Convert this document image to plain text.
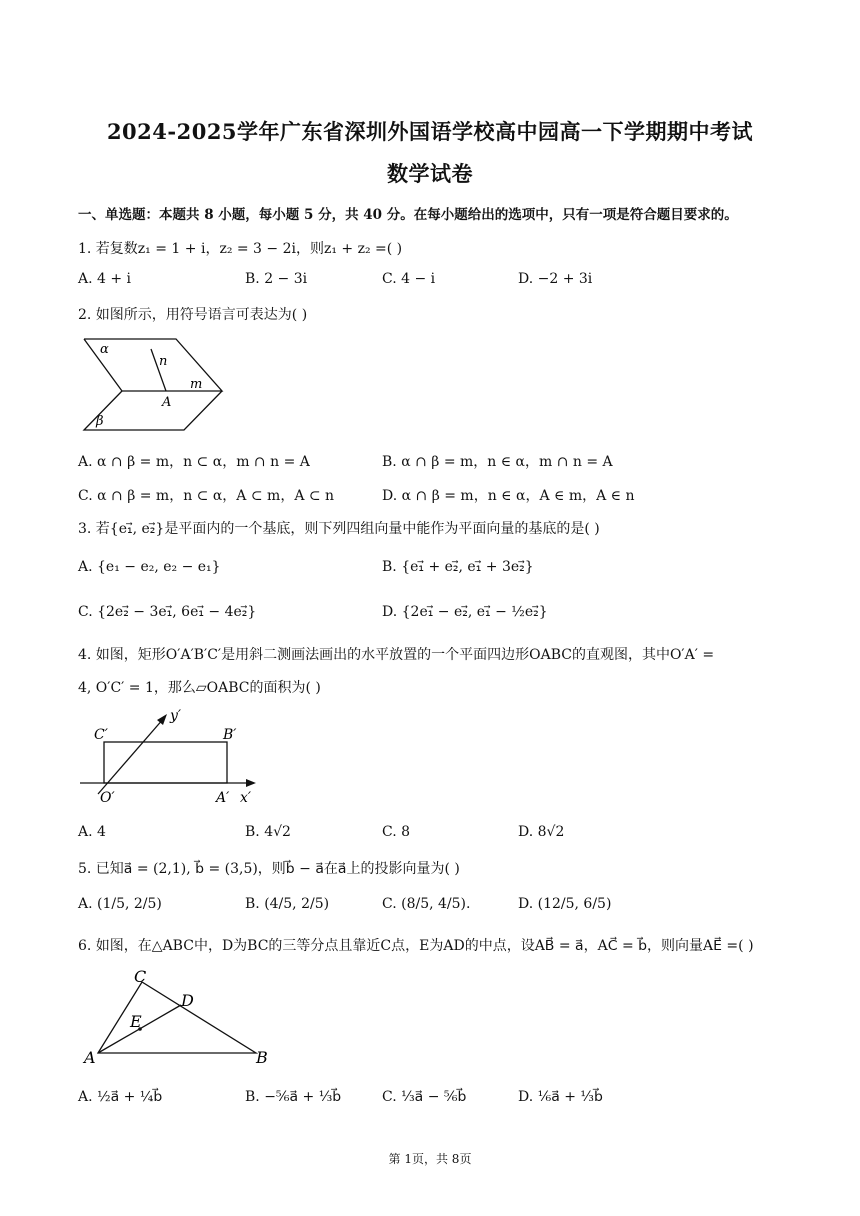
2024-2025学年广东省深圳外国语学校高中园高一下学期期中考试
数学试卷
一、单选题：本题共 8 小题，每小题 5 分，共 40 分。在每小题给出的选项中，只有一项是符合题目要求的。
1. 若复数z₁ = 1 + i，z₂ = 3 − 2i，则z₁ + z₂ =( )
A. 4 + i	B. 2 − 3i	C. 4 − i	D. −2 + 3i
2. 如图所示，用符号语言可表达为( )
α
n
m
A
β
A. α ∩ β = m，n ⊂ α，m ∩ n = A	B. α ∩ β = m，n ∈ α，m ∩ n = A
C. α ∩ β = m，n ⊂ α，A ⊂ m，A ⊂ n	D. α ∩ β = m，n ∈ α，A ∈ m，A ∈ n
3. 若{e₁⃗, e₂⃗}是平面内的一个基底，则下列四组向量中能作为平面向量的基底的是( )
A. {e₁ − e₂, e₂ − e₁}	B. {e₁⃗ + e₂⃗, e₁⃗ + 3e₂⃗}
C. {2e₂⃗ − 3e₁⃗, 6e₁⃗ − 4e₂⃗}	D. {2e₁⃗ − e₂⃗, e₁⃗ − ½e₂⃗}
4. 如图，矩形O′A′B′C′是用斜二测画法画出的水平放置的一个平面四边形OABC的直观图，其中O′A′ =
4, O′C′ = 1，那么▱OABC的面积为( )
C′	B′
y′
O′	A′ x′
A. 4	B. 4√2	C. 8	D. 8√2
5. 已知a⃗ = (2,1), b⃗ = (3,5)，则b⃗ − a⃗在a⃗上的投影向量为( )
A. (1/5, 2/5)	B. (4/5, 2/5)	C. (8/5, 4/5).	D. (12/5, 6/5)
6. 如图，在△ABC中，D为BC的三等分点且靠近C点，E为AD的中点，设AB⃗ = a⃗，AC⃗ = b⃗，则向量AE⃗ =( )
C
D
E
A	B
A. ½a⃗ + ¼b⃗	B. −⅚a⃗ + ⅓b⃗	C. ⅓a⃗ − ⅚b⃗	D. ⅙a⃗ + ⅓b⃗
第 1页，共 8页
